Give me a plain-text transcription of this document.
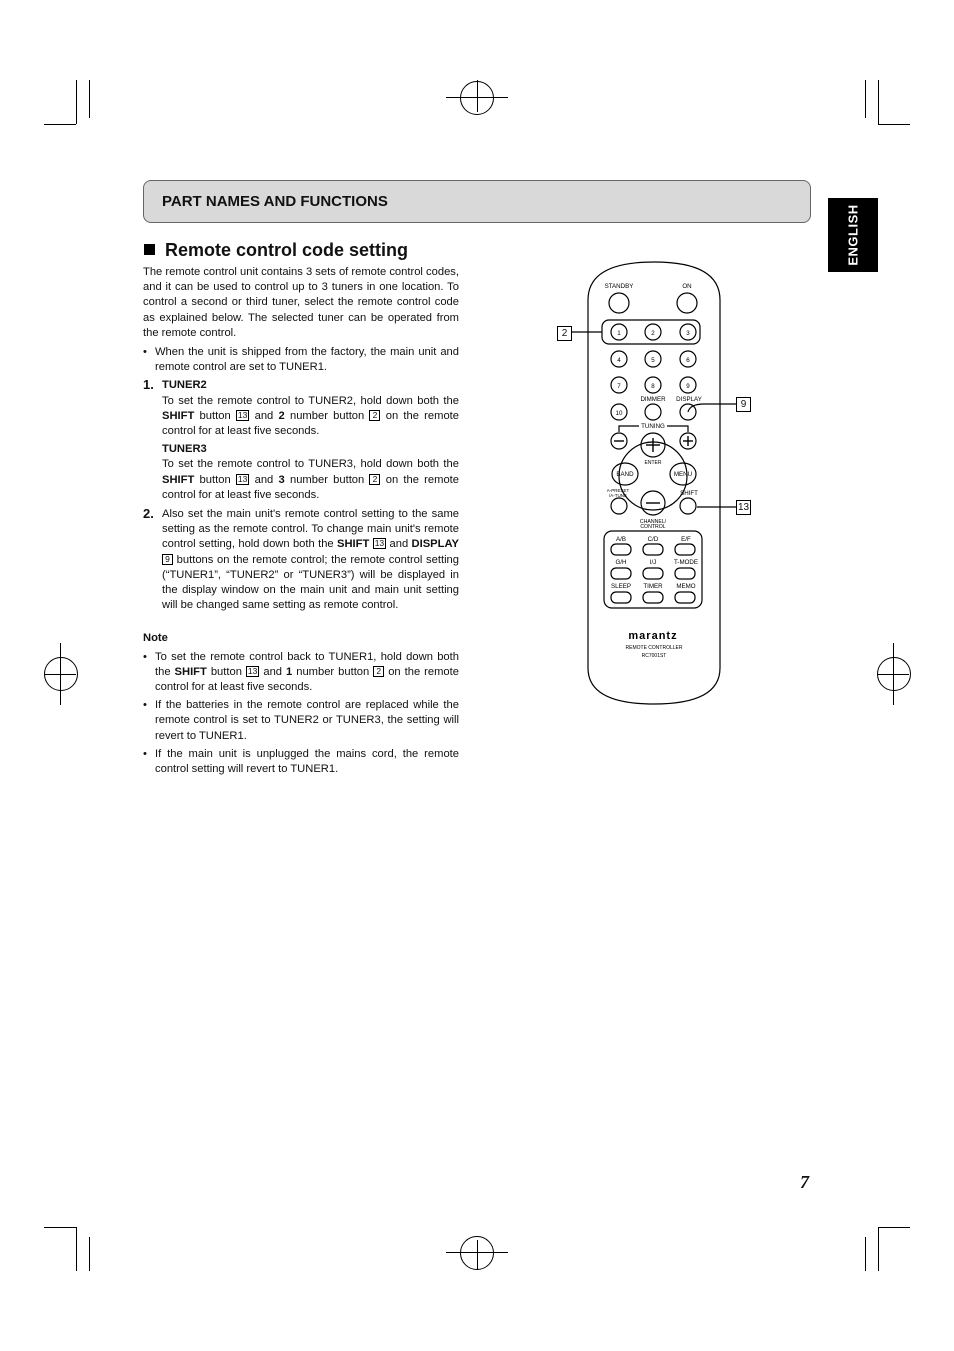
PART NAMES AND FUNCTIONS
ENGLISH
Remote control code setting

The remote control unit contains 3 sets of remote control codes, and it can be used to control up to 3 tuners in one location. To control a second or third tuner, select the remote control code as explained below. The selected tuner can be operated from the remote control.

• When the unit is shipped from the factory, the main unit and remote control are set to TUNER1.
1. TUNER2
To set the remote control to TUNER2, hold down both the SHIFT button 13 and 2 number button 2 on the remote control for at least five seconds.
TUNER3
To set the remote control to TUNER3, hold down both the SHIFT button 13 and 3 number button 2 on the remote control for at least five seconds.
2. Also set the main unit's remote control setting to the same setting as the remote control. To change main unit's remote control setting, hold down both the SHIFT 13 and DISPLAY 9 buttons on the remote control; the remote control setting (“TUNER1”, “TUNER2” or “TUNER3”) will be displayed in the display window on the main unit and main unit setting will be changed same setting as remote control.
Note
• To set the remote control back to TUNER1, hold down both the SHIFT button 13 and 1 number button 2 on the remote control for at least five seconds.
• If the batteries in the remote control are replaced while the remote control is set to TUNER2 or TUNER3, the setting will revert to TUNER1.
• If the main unit is unplugged the mains cord, the remote control setting will revert to TUNER1.
STANDBY	ON
1	2	3
4	5	6
7	8	9
10
DIMMER DISPLAY
TUNING
ENTER
BAND	MENU
A-PRESET
/A-TUNE	SHIFT
CHANNEL/
CONTROL
A/B	C/D	E/F
G/H	I/J	T-MODE
SLEEP TIMER MEMO
marantz
REMOTE CONTROLLER
RC7001ST
2
9
13
7
